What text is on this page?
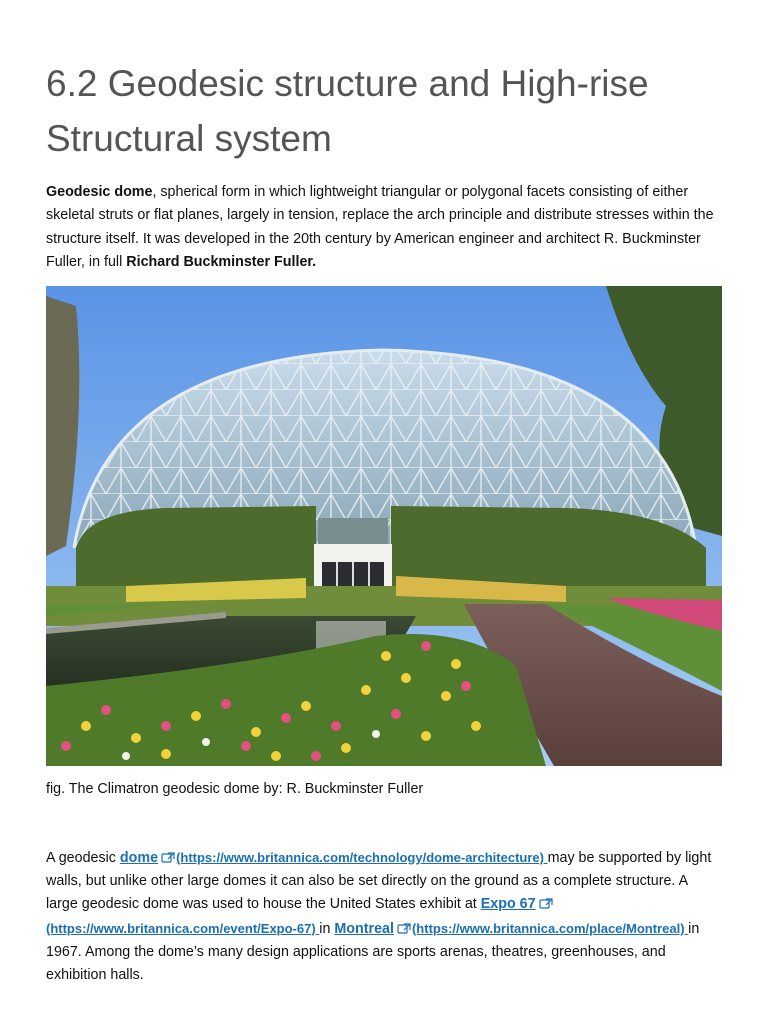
6.2 Geodesic structure and High-rise Structural system

Geodesic dome, spherical form in which lightweight triangular or polygonal facets consisting of either skeletal struts or flat planes, largely in tension, replace the arch principle and distribute stresses within the structure itself. It was developed in the 20th century by American engineer and architect R. Buckminster Fuller, in full Richard Buckminster Fuller.

fig. The Climatron geodesic dome by: R. Buckminster Fuller

A geodesic dome (https://www.britannica.com/technology/dome-architecture) may be supported by light walls, but unlike other large domes it can also be set directly on the ground as a complete structure. A large geodesic dome was used to house the United States exhibit at Expo 67(https://www.britannica.com/event/Expo-67) in Montreal (https://www.britannica.com/place/Montreal) in 1967. Among the dome’s many design applications are sports arenas, theatres, greenhouses, and exhibition halls.
